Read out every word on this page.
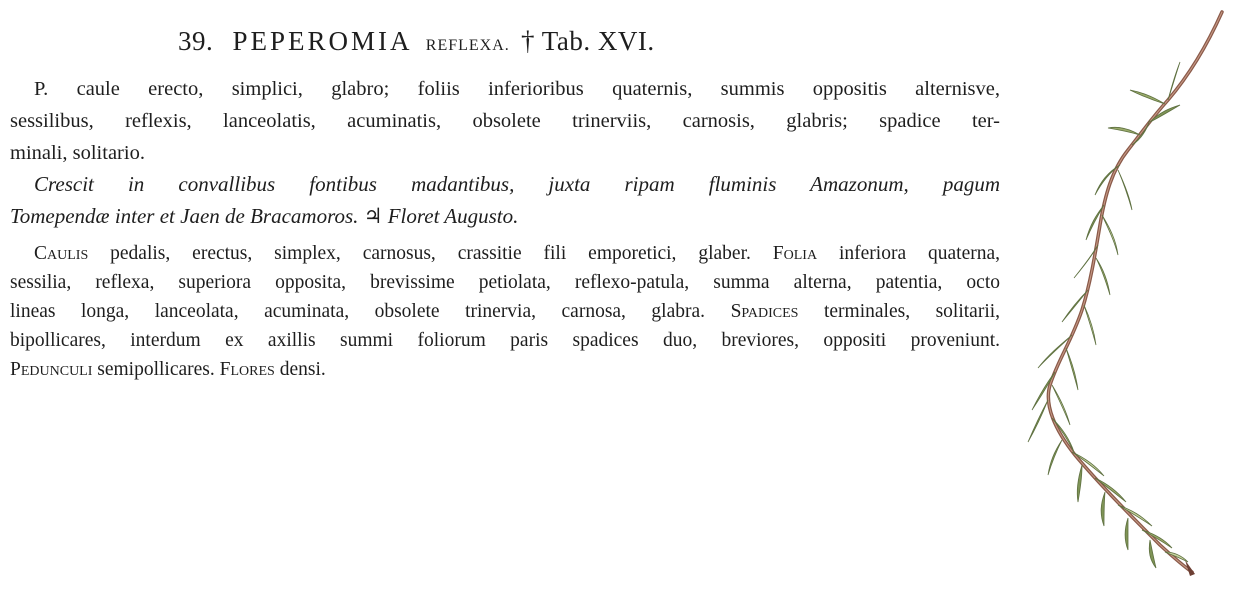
39. PEPEROMIA REFLEXA. † Tab. XVI.
P. caule erecto, simplici, glabro; foliis inferioribus quaternis, summis oppositis alternisve,
sessilibus, reflexis, lanceolatis, acuminatis, obsolete trinerviis, carnosis, glabris; spadice ter-
minali, solitario.
Crescit in convallibus fontibus madantibus, juxta ripam fluminis Amazonum, pagum
Tomependæ inter et Jaen de Bracamoros. ♃ Floret Augusto.
Caulis pedalis, erectus, simplex, carnosus, crassitie fili emporetici, glaber. Folia inferiora quaterna,
sessilia, reflexa, superiora opposita, brevissime petiolata, reflexo-patula, summa alterna, patentia, octo
lineas longa, lanceolata, acuminata, obsolete trinervia, carnosa, glabra. Spadices terminales, solitarii,
bipollicares, interdum ex axillis summi foliorum paris spadices duo, breviores, oppositi proveniunt.
Pedunculi semipollicares. Flores densi.
